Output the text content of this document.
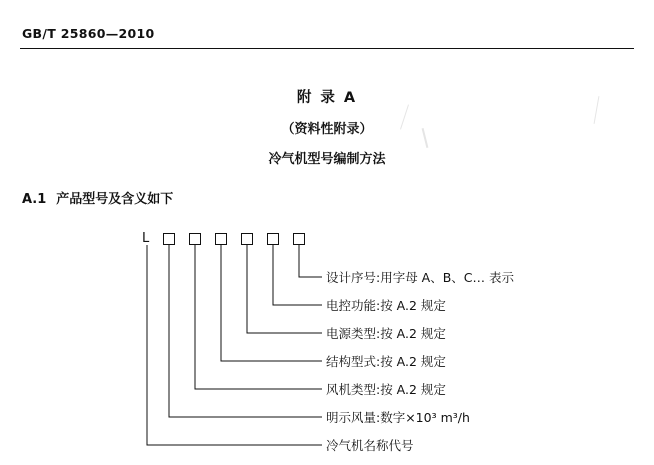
GB/T 25860—2010
附 录 A
（资料性附录）
冷气机型号编制方法
A.1 产品型号及含义如下
L
设计序号:用字母 A、B、C… 表示
电控功能:按 A.2 规定
电源类型:按 A.2 规定
结构型式:按 A.2 规定
风机类型:按 A.2 规定
明示风量:数字×10³ m³/h
冷气机名称代号
